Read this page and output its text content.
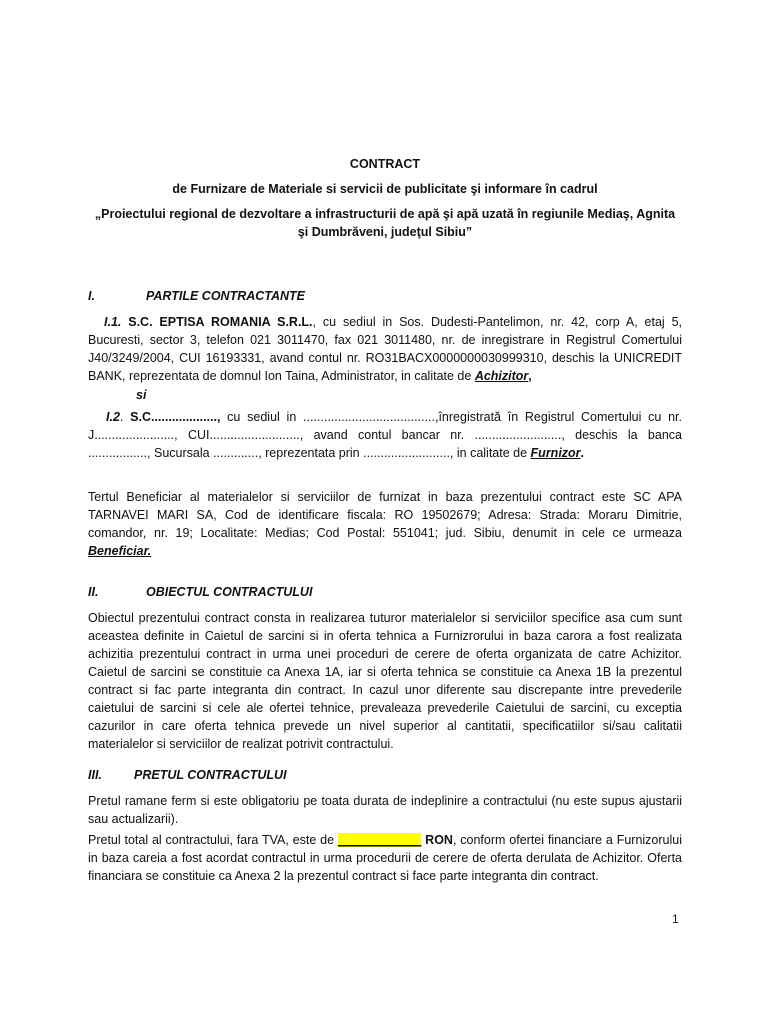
CONTRACT
de Furnizare de Materiale si servicii de publicitate şi informare în cadrul
„Proiectului regional de dezvoltare a infrastructurii de apă şi apă uzată în regiunile Mediaş, Agnita
şi Dumbrăveni, judeţul Sibiu”
I.	PARTILE CONTRACTANTE
I.1. S.C. EPTISA ROMANIA S.R.L., cu sediul in Sos. Dudesti-Pantelimon, nr. 42, corp A, etaj 5,
Bucuresti, sector 3, telefon 021 3011470, fax 021 3011480, nr. de inregistrare in Registrul Comertului
J40/3249/2004, CUI 16193331, avand contul nr. RO31BACX0000000030999310, deschis la UNICREDIT
BANK, reprezentata de domnul Ion Taina, Administrator, in calitate de Achizitor,
si
I.2. S.C..................., cu sediul in ......................................,înregistrată în Registrul Comertului cu nr.
J......................., CUI.........................., avand contul bancar nr. ........................., deschis la banca
................., Sucursala ............., reprezentata prin ........................., in calitate de Furnizor.
Tertul Beneficiar al materialelor si serviciilor de furnizat in baza prezentului contract este SC APA
TARNAVEI MARI SA, Cod de identificare fiscala: RO 19502679; Adresa: Strada: Moraru Dimitrie,
comandor, nr. 19; Localitate: Medias; Cod Postal: 551041; jud. Sibiu, denumit in cele ce urmeaza
Beneficiar.
II.	OBIECTUL CONTRACTULUI
Obiectul prezentului contract consta in realizarea tuturor materialelor si serviciilor specifice asa cum sunt
aceastea definite in Caietul de sarcini si in oferta tehnica a Furnizrorului in baza carora a fost realizata
achizitia prezentului contract in urma unei proceduri de cerere de oferta organizata de catre Achizitor.
Caietul de sarcini se constituie ca Anexa 1A, iar si oferta tehnica se constituie ca Anexa 1B la prezentul
contract si fac parte integranta din contract. In cazul unor diferente sau discrepante intre prevederile
caietului de sarcini si cele ale ofertei tehnice, prevaleaza prevederile Caietului de sarcini, cu exceptia
cazurilor in care oferta tehnica prevede un nivel superior al cantitatii, specificatiilor si/sau calitatii
materialelor si serviciilor de realizat potrivit contractului.
III.	PRETUL CONTRACTULUI
Pretul ramane ferm si este obligatoriu pe toata durata de indeplinire a contractului (nu este supus ajustarii
sau actualizarii).
Pretul total al contractului, fara TVA, este de ____________ RON, conform ofertei financiare a Furnizorului
in baza careia a fost acordat contractul in urma procedurii de cerere de oferta derulata de Achizitor. Oferta
financiara se constituie ca Anexa 2 la prezentul contract si face parte integranta din contract.
1
